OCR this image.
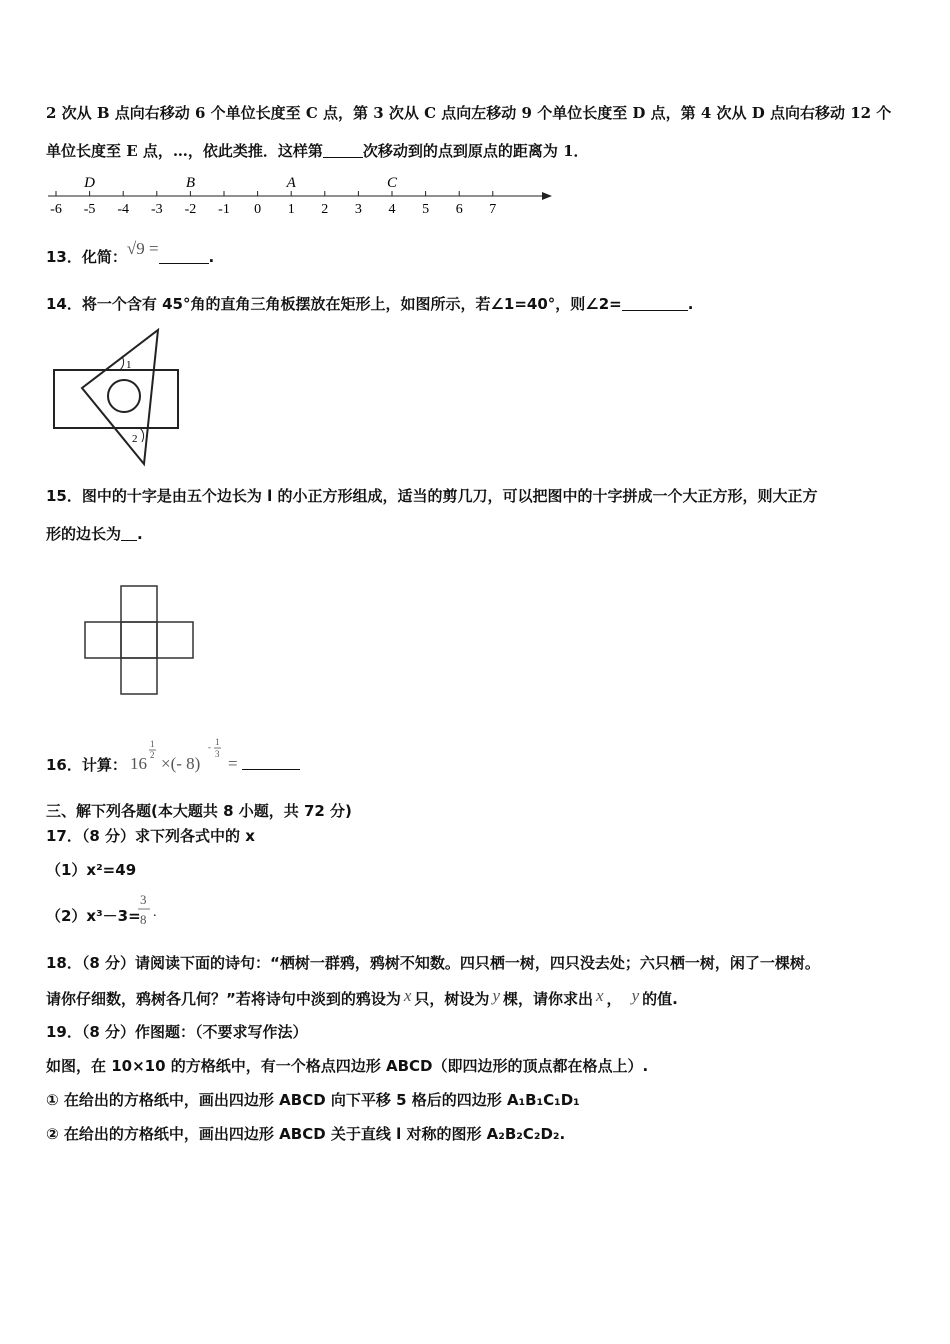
2 次从 B 点向右移动 6 个单位长度至 C 点，第 3 次从 C 点向左移动 9 个单位长度至 D 点，第 4 次从 D 点向右移动 12 个
单位长度至 E 点，…，依此类推．这样第	次移动到的点到原点的距离为 1．
-6 -5 -4 -3 -2 -1 0 1 2 3 4 5 6 7
D	B	A	C
13．化简：√9 =	.
14．将一个含有 45°角的直角三角板摆放在矩形上，如图所示，若∠1=40°，则∠2=	.
1
2
15．图中的十字是由五个边长为 l 的小正方形组成，适当的剪几刀，可以把图中的十字拼成一个大正方形，则大正方
形的边长为 .
16．计算： 16
1
2 ×(- 8)
- 1
3 =
三、解下列各题(本大题共 8 小题，共 72 分)
17．（8 分）求下列各式中的 x
（1）x²=49
（2）x³－3=
3
8 .
18．（8 分）请阅读下面的诗句：“栖树一群鸦，鸦树不知数。四只栖一树，四只没去处；六只栖一树，闲了一棵树。
请你仔细数，鸦树各几何？”若将诗句中淡到的鸦设为 x 只，树设为 y 棵，请你求出 x ， y 的值.
19．（8 分）作图题：（不要求写作法）
如图，在 10×10 的方格纸中，有一个格点四边形 ABCD（即四边形的顶点都在格点上）.
① 在给出的方格纸中，画出四边形 ABCD 向下平移 5 格后的四边形 A₁B₁C₁D₁
② 在给出的方格纸中，画出四边形 ABCD 关于直线 l 对称的图形 A₂B₂C₂D₂.
